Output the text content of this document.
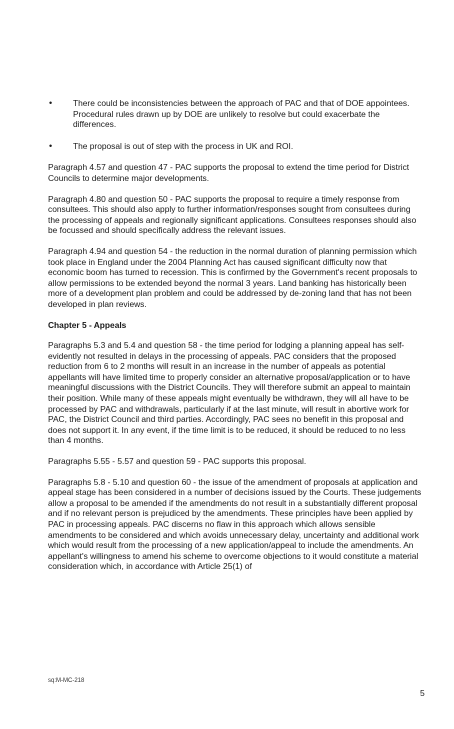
• There could be inconsistencies between the approach of PAC and that of DOE appointees. Procedural rules drawn up by DOE are unlikely to resolve but could exacerbate the differences.
• The proposal is out of step with the process in UK and ROI.

Paragraph 4.57 and question 47 - PAC supports the proposal to extend the time period for District Councils to determine major developments.

Paragraph 4.80 and question 50 - PAC supports the proposal to require a timely response from consultees. This should also apply to further information/responses sought from consultees during the processing of appeals and regionally significant applications. Consultees responses should also be focussed and should specifically address the relevant issues.

Paragraph 4.94 and question 54 - the reduction in the normal duration of planning permission which took place in England under the 2004 Planning Act has caused significant difficulty now that economic boom has turned to recession. This is confirmed by the Government's recent proposals to allow permissions to be extended beyond the normal 3 years. Land banking has historically been more of a development plan problem and could be addressed by de-zoning land that has not been developed in plan reviews.

Chapter 5 - Appeals

Paragraphs 5.3 and 5.4 and question 58 - the time period for lodging a planning appeal has self-evidently not resulted in delays in the processing of appeals. PAC considers that the proposed reduction from 6 to 2 months will result in an increase in the number of appeals as potential appellants will have limited time to properly consider an alternative proposal/application or to have meaningful discussions with the District Councils. They will therefore submit an appeal to maintain their position. While many of these appeals might eventually be withdrawn, they will all have to be processed by PAC and withdrawals, particularly if at the last minute, will result in abortive work for PAC, the District Council and third parties. Accordingly, PAC sees no benefit in this proposal and does not support it. In any event, if the time limit is to be reduced, it should be reduced to no less than 4 months.

Paragraphs 5.55 - 5.57 and question 59 - PAC supports this proposal.

Paragraphs 5.8 - 5.10 and question 60 - the issue of the amendment of proposals at application and appeal stage has been considered in a number of decisions issued by the Courts. These judgements allow a proposal to be amended if the amendments do not result in a substantially different proposal and if no relevant person is prejudiced by the amendments. These principles have been applied by PAC in processing appeals. PAC discerns no flaw in this approach which allows sensible amendments to be considered and which avoids unnecessary delay, uncertainty and additional work which would result from the processing of a new application/appeal to include the amendments. An appellant's willingness to amend his scheme to overcome objections to it would constitute a material consideration which, in accordance with Article 25(1) of

sq:M-MC-218
5
